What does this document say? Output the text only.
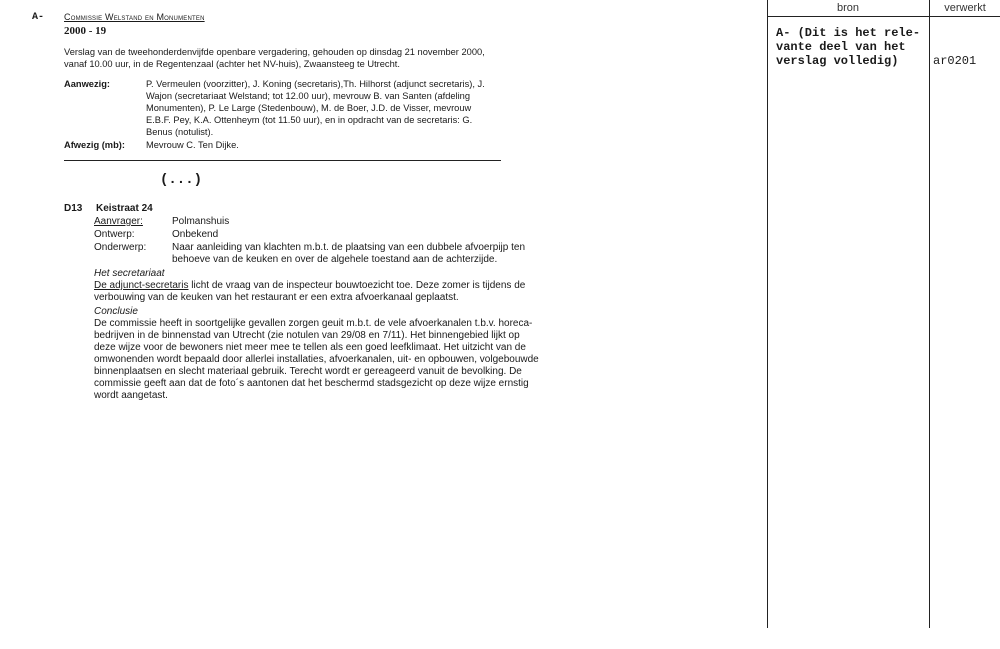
A- Commissie Welstand en Monumenten
2000 - 19
Verslag van de tweehonderdenvijfde openbare vergadering, gehouden op dinsdag 21 november 2000,
vanaf 10.00 uur, in de Regentenzaal (achter het NV-huis), Zwaansteeg te Utrecht.
Aanwezig:	P. Vermeulen (voorzitter), J. Koning (secretaris),Th. Hilhorst (adjunct secretaris), J.
Wajon (secretariaat Welstand; tot 12.00 uur), mevrouw B. van Santen (afdeling
Monumenten), P. Le Large (Stedenbouw), M. de Boer, J.D. de Visser, mevrouw
E.B.F. Pey, K.A. Ottenheym (tot 11.50 uur), en in opdracht van de secretaris: G.
Benus (notulist).
Afwezig (mb): Mevrouw C. Ten Dijke.
(...)
D13 Keistraat 24
Aanvrager:	Polmanshuis
Ontwerp:	Onbekend
Onderwerp:	Naar aanleiding van klachten m.b.t. de plaatsing van een dubbele afvoerpijp ten
behoeve van de keuken en over de algehele toestand aan de achterzijde.
Het secretariaat
De adjunct-secretaris licht de vraag van de inspecteur bouwtoezicht toe. Deze zomer is tijdens de
verbouwing van de keuken van het restaurant er een extra afvoerkanaal geplaatst.
Conclusie
De commissie heeft in soortgelijke gevallen zorgen geuit m.b.t. de vele afvoerkanalen t.b.v. horeca-
bedrijven in de binnenstad van Utrecht (zie notulen van 29/08 en 7/11). Het binnengebied lijkt op
deze wijze voor de bewoners niet meer mee te tellen als een goed leefklimaat. Het uitzicht van de
omwonenden wordt bepaald door allerlei installaties, afvoerkanalen, uit- en opbouwen, volgebouwde
binnenplaatsen en slecht materiaal gebruik. Terecht wordt er gereageerd vanuit de bevolking. De
commissie geeft aan dat de foto´s aantonen dat het beschermd stadsgezicht op deze wijze ernstig
wordt aangetast.
bron	verwerkt
A- (Dit is het rele-
vante deel van het
verslag volledig)	ar0201
